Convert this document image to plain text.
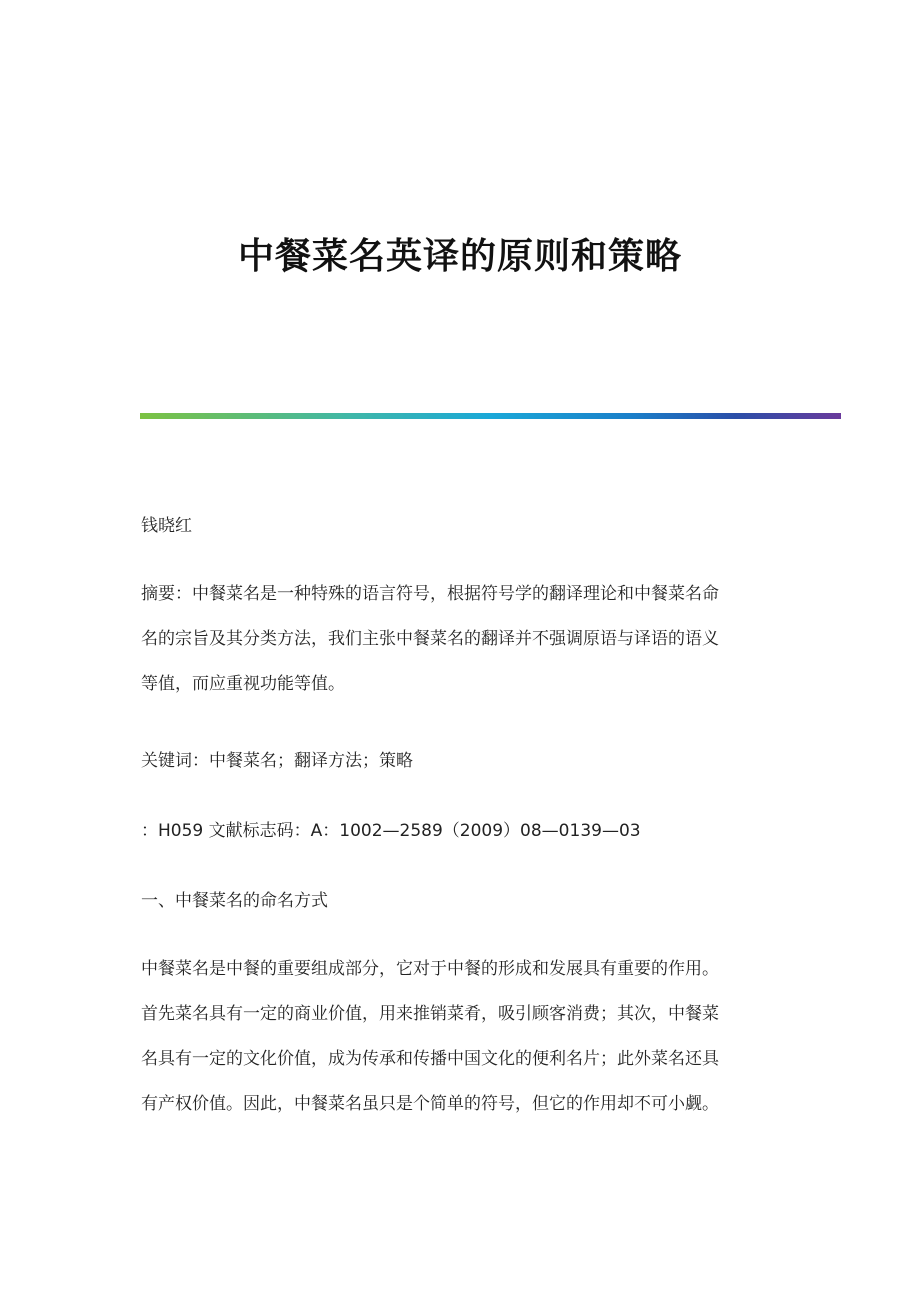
中餐菜名英译的原则和策略

钱晓红

摘要：中餐菜名是一种特殊的语言符号，根据符号学的翻译理论和中餐菜名命
名的宗旨及其分类方法，我们主张中餐菜名的翻译并不强调原语与译语的语义
等值，而应重视功能等值。

关键词：中餐菜名；翻译方法；策略

：H059 文献标志码：A：1002—2589（2009）08—0139—03

一、中餐菜名的命名方式

中餐菜名是中餐的重要组成部分，它对于中餐的形成和发展具有重要的作用。
首先菜名具有一定的商业价值，用来推销菜肴，吸引顾客消费；其次，中餐菜
名具有一定的文化价值，成为传承和传播中国文化的便利名片；此外菜名还具
有产权价值。因此，中餐菜名虽只是个简单的符号，但它的作用却不可小觑。
